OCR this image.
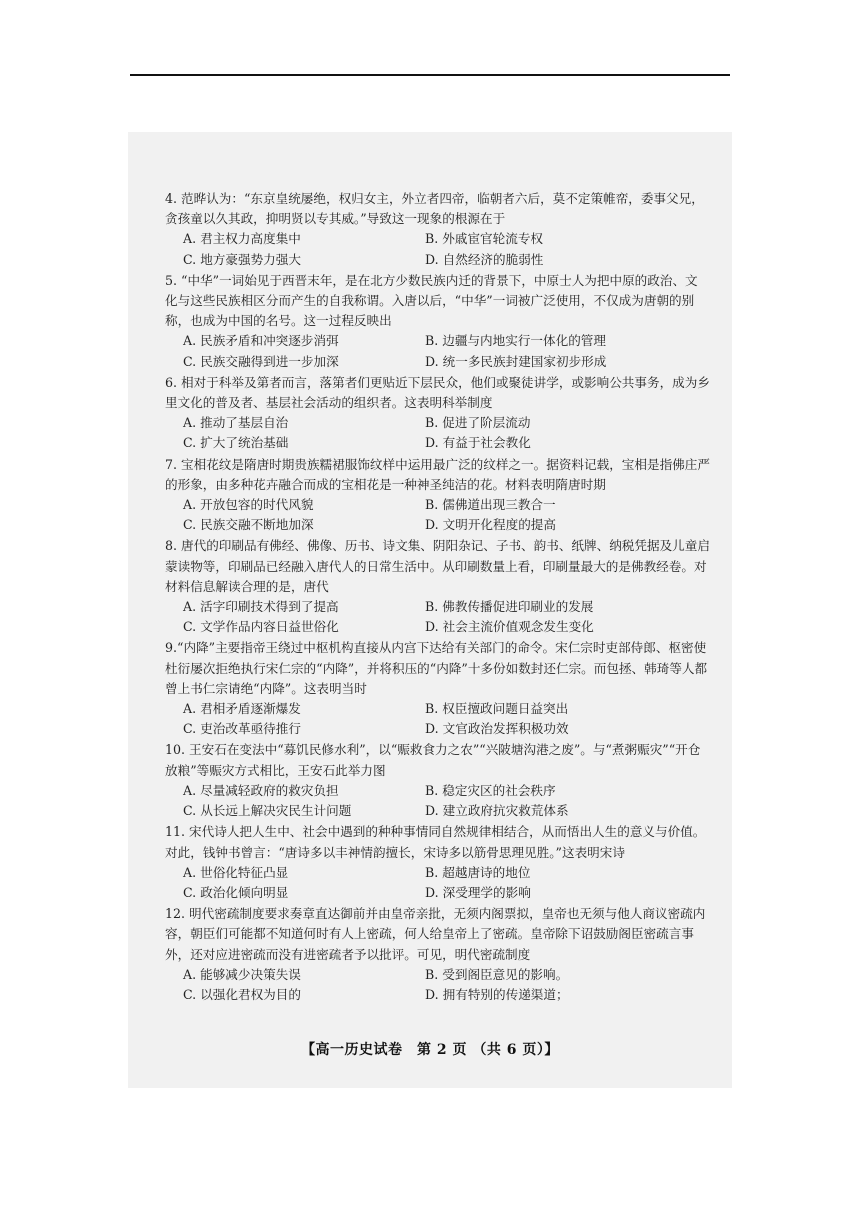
4. 范晔认为：“东京皇统屡绝，权归女主，外立者四帝，临朝者六后，莫不定策帷帟，委事父兄，贪孩童以久其政，抑明贤以专其威。”导致这一现象的根源在于
A. 君主权力高度集中	B. 外戚宦官轮流专权
C. 地方豪强势力强大	D. 自然经济的脆弱性
5. “中华”一词始见于西晋末年，是在北方少数民族内迁的背景下，中原士人为把中原的政治、文化与这些民族相区分而产生的自我称谓。入唐以后，“中华”一词被广泛使用，不仅成为唐朝的别称，也成为中国的名号。这一过程反映出
A. 民族矛盾和冲突逐步消弭	B. 边疆与内地实行一体化的管理
C. 民族交融得到进一步加深	D. 统一多民族封建国家初步形成
6. 相对于科举及第者而言，落第者们更贴近下层民众，他们或聚徒讲学，或影响公共事务，成为乡里文化的普及者、基层社会活动的组织者。这表明科举制度
A. 推动了基层自治	B. 促进了阶层流动
C. 扩大了统治基础	D. 有益于社会教化
7. 宝相花纹是隋唐时期贵族糯裙服饰纹样中运用最广泛的纹样之一。据资料记载，宝相是指佛庄严的形象，由多种花卉融合而成的宝相花是一种神圣纯洁的花。材料表明隋唐时期
A. 开放包容的时代风貌	B. 儒佛道出现三教合一
C. 民族交融不断地加深	D. 文明开化程度的提高
8. 唐代的印刷品有佛经、佛像、历书、诗文集、阴阳杂记、子书、韵书、纸牌、纳税凭据及儿童启蒙读物等，印刷品已经融入唐代人的日常生活中。从印刷数量上看，印刷量最大的是佛教经卷。对材料信息解读合理的是，唐代
A. 活字印刷技术得到了提高	B. 佛教传播促进印刷业的发展
C. 文学作品内容日益世俗化	D. 社会主流价值观念发生变化
9.“内降”主要指帝王绕过中枢机构直接从内宫下达给有关部门的命令。宋仁宗时吏部侍郎、枢密使杜衍屡次拒绝执行宋仁宗的“内降”，并将积压的“内降”十多份如数封还仁宗。而包拯、韩琦等人都曾上书仁宗请绝“内降”。这表明当时
A. 君相矛盾逐渐爆发	B. 权臣擅政问题日益突出
C. 吏治改革亟待推行	D. 文官政治发挥积极功效
10. 王安石在变法中“募饥民修水利”，以“赈救食力之农”“兴陂塘沟港之废”。与“煮粥赈灾”“开仓放粮”等赈灾方式相比，王安石此举力图
A. 尽量减轻政府的救灾负担	B. 稳定灾区的社会秩序
C. 从长远上解决灾民生计问题	D. 建立政府抗灾救荒体系
11. 宋代诗人把人生中、社会中遇到的种种事情同自然规律相结合，从而悟出人生的意义与价值。对此，钱钟书曾言：“唐诗多以丰神情韵擅长，宋诗多以筋骨思理见胜。”这表明宋诗
A. 世俗化特征凸显	B. 超越唐诗的地位
C. 政治化倾向明显	D. 深受理学的影响
12. 明代密疏制度要求奏章直达御前并由皇帝亲批，无须内阁票拟，皇帝也无须与他人商议密疏内容，朝臣们可能都不知道何时有人上密疏，何人给皇帝上了密疏。皇帝除下诏鼓励阁臣密疏言事外，还对应进密疏而没有进密疏者予以批评。可见，明代密疏制度
A. 能够减少决策失误	B. 受到阁臣意见的影响。
C. 以强化君权为目的	D. 拥有特别的传递渠道；
【高一历史试卷　第 2 页 （共 6 页）】
